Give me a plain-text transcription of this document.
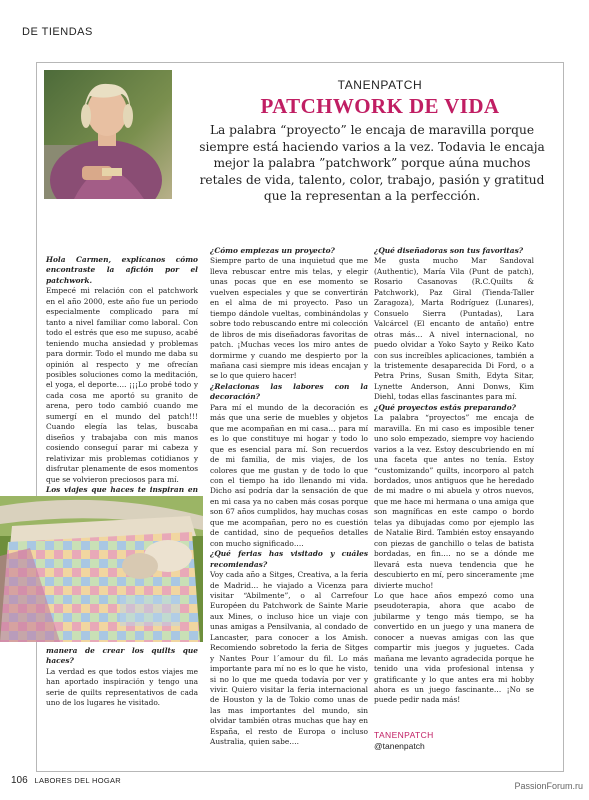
DE TIENDAS
TANENPATCH
PATCHWORK DE VIDA
La palabra “proyecto” le encaja de maravilla porque siempre está haciendo varios a la vez. Todavia le encaja mejor la palabra ”patchwork” porque aúna muchos retales de vida, talento, color, trabajo, pasión y gratitud que la representan a la perfección.

Hola Carmen, explícanos cómo encontraste la afición por el patchwork.

Empecé mi relación con el patchwork en el año 2000, este año fue un periodo especialmente complicado para mí tanto a nivel familiar como laboral. Con todo el estrés que eso me supuso, acabé teniendo mucha ansiedad y problemas para dormir. Todo el mundo me daba su opinión al respecto y me ofrecían posibles soluciones como la meditación, el yoga, el deporte…. ¡¡¡Lo probé todo y cada cosa me aportó su granito de arena, pero todo cambió cuando me sumergí en el mundo del patch!!! Cuando elegía las telas, buscaba diseños y trabajaba con mis manos cosiendo conseguí parar mi cabeza y relativizar mis problemas cotidianos y disfrutar plenamente de esos momentos que se volvieron preciosos para mí.

Los viajes que haces te inspiran en

manera de crear los quilts que haces?

La verdad es que todos estos viajes me han aportado inspiración y tengo una serie de quilts representativos de cada uno de los lugares he visitado.

¿Cómo empiezas un proyecto?

Siempre parto de una inquietud que me lleva rebuscar entre mis telas, y elegir unas pocas que en ese momento se vuelven especiales y que se convertirán en el alma de mi proyecto. Paso un tiempo dándole vueltas, combinándolas y sobre todo rebuscando entre mi colección de libros de mis diseñadoras favoritas de patch. ¡Muchas veces los miro antes de dormirme y cuando me despierto por la mañana casi siempre mis ideas encajan y se lo que quiero hacer!

¿Relacionas las labores con la decoración?

Para mí el mundo de la decoración es más que una serie de muebles y objetos que me acompañan en mi casa… para mí es lo que constituye mi hogar y todo lo que es esencial para mí. Son recuerdos de mi familia, de mis viajes, de los colores que me gustan y de todo lo que con el tiempo ha ido llenando mi vida. Dicho así podría dar la sensación de que en mi casa ya no caben más cosas porque son 67 años cumplidos, hay muchas cosas que me acompañan, pero no es cuestión de cantidad, sino de pequeños detalles con mucho significado….

¿Qué ferias has visitado y cuáles recomiendas?

Voy cada año a Sitges, Creativa, a la feria de Madrid… he viajado a Vicenza para visitar “Abilmente”, o al Carrefour Européen du Patchwork de Sainte Marie aux Mines, o incluso hice un viaje con unas amigas a Pensilvania, al condado de Lancaster, para conocer a los Amish. Recomiendo sobretodo la feria de Sitges y Nantes Pour l´amour du fil. Lo más importante para mí no es lo que he visto, si no lo que me queda todavía por ver y vivir. Quiero visitar la feria internacional de Houston y la de Tokio como unas de las mas importantes del mundo, sin olvidar también otras muchas que hay en España, el resto de Europa o incluso Australia, quien sabe….

¿Qué diseñadoras son tus favoritas?

Me gusta mucho Mar Sandoval (Authentic), María Vila (Punt de patch), Rosario Casanovas (R.C.Quilts & Patchwork), Paz Giral (Tienda-Taller Zaragoza), Marta Rodríguez (Lunares), Consuelo Sierra (Puntadas), Lara Valcárcel (El encanto de antaño) entre otras más… A nivel internacional, no puedo olvidar a Yoko Sayto y Reiko Kato con sus increíbles aplicaciones, también a la tristemente desaparecida Di Ford, o a Petra Prins, Susan Smith, Edyta Sitar, Lynette Anderson, Anni Donws, Kim Diehl, todas ellas fascinantes para mí.

¿Qué proyectos estás preparando?

La palabra “proyectos” me encaja de maravilla. En mi caso es imposible tener uno solo empezado, siempre voy haciendo varios a la vez. Estoy descubriendo en mí una faceta que antes no tenía. Estoy “customizando” quilts, incorporo al patch bordados, unos antiguos que he heredado de mi madre o mi abuela y otros nuevos, que me hace mi hermana o una amiga que son magníficas en este campo o bordo telas ya dibujadas como por ejemplo las de Natalie Bird. También estoy ensayando con piezas de ganchillo o telas de batista bordadas, en fin…. no se a dónde me llevará esta nueva tendencia que he descubierto en mí, pero sinceramente ¡me divierte mucho!

Lo que hace años empezó como una pseudoterapia, ahora que acabo de jubilarme y tengo más tiempo, se ha convertido en un juego y una manera de conocer a nuevas amigas con las que compartir mis juegos y juguetes. Cada mañana me levanto agradecida porque he tenido una vida profesional intensa y gratificante y lo que antes era mi hobby ahora es un juego fascinante… ¡No se puede pedir nada más!

TANENPATCH
@tanenpatch
106 LABORES DEL HOGAR
PassionForum.ru
